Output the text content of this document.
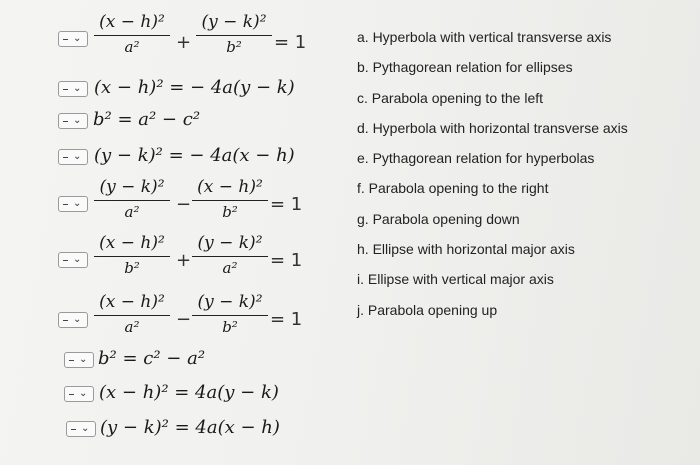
⌄
(x − h)²
a²	+
(y − k)²
b²	= 1
⌄ (x − h)² = − 4a(y − k)
⌄ b² = a² − c²
⌄ (y − k)² = − 4a(x − h)
⌄
(y − k)²
a²	−
(x − h)²
b²	= 1
⌄
(x − h)²
b²	+
(y − k)²
a²	= 1
⌄
(x − h)²
a²	−
(y − k)²
b²	= 1
⌄ b² = c² − a²
⌄ (x − h)² = 4a(y − k)
⌄ (y − k)² = 4a(x − h)
a. Hyperbola with vertical transverse axis
b. Pythagorean relation for ellipses
c. Parabola opening to the left
d. Hyperbola with horizontal transverse axis
e. Pythagorean relation for hyperbolas
f. Parabola opening to the right
g. Parabola opening down
h. Ellipse with horizontal major axis
i. Ellipse with vertical major axis
j. Parabola opening up
